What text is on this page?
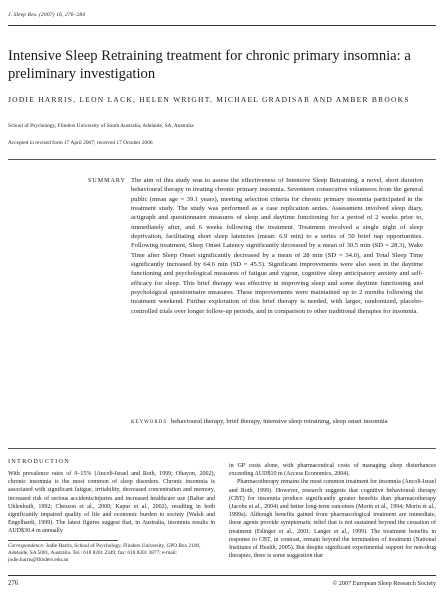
J. Sleep Res. (2007) 16, 276–284
Intensive Sleep Retraining treatment for chronic primary insomnia: a preliminary investigation
JODIE HARRIS, LEON LACK, HELEN WRIGHT, MICHAEL GRADISAR AND AMBER BROOKS
School of Psychology, Flinders University of South Australia, Adelaide, SA, Australia
Accepted in revised form 17 April 2007; received 17 October 2006
SUMMARY The aim of this study was to assess the effectiveness of Intensive Sleep Retraining, a novel, short duration behavioural therapy in treating chronic primary insomnia. Seventeen consecutive volunteers from the general public (mean age = 39.1 years), meeting selection criteria for chronic primary insomnia participated in the treatment study. The study was performed as a case replication series. Assessment involved sleep diary, actigraph and questionnaire measures of sleep and daytime functioning for a period of 2 weeks prior to, immediately after, and 6 weeks following the treatment. Treatment involved a single night of sleep deprivation, facilitating short sleep latencies (mean: 6.9 min) to a series of 50 brief nap opportunities. Following treatment, Sleep Onset Latency significantly decreased by a mean of 30.5 min (SD = 28.3), Wake Time after Sleep Onset significantly decreased by a mean of 28 min (SD = 34.0), and Total Sleep Time significantly increased by 64.6 min (SD = 45.5). Significant improvements were also seen in the daytime functioning and psychological measures of fatigue and vigour, cognitive sleep anticipatory anxiety and self-efficacy for sleep. This brief therapy was effective in improving sleep and some daytime functioning and psychological questionnaire measures. These improvements were maintained up to 2 months following the treatment weekend. Further exploration of this brief therapy is needed, with larger, randomized, placebo-controlled trials over longer follow-up periods, and in comparison to other traditional therapies for insomnia.

KEYWORDS behavioural therapy, brief therapy, intensive sleep retraining, sleep onset insomnia
INTRODUCTION

With prevalence rates of 9–15% (Ancoli-Israel and Roth, 1999; Ohayon, 2002), chronic insomnia is the most common of sleep disorders. Chronic insomnia is associated with significant fatigue, irritability, decreased concentration and memory, increased risk of serious accidents/injuries and increased healthcare use (Balter and Uhlenhuth, 1992; Chesson et al., 2000; Kapur et al., 2002), resulting in both significantly impaired quality of life and economic burden to society (Walsh and Engelhardt, 1999). The latest figures suggest that, in Australia, insomnia results in AUD$30.4 m annually

Correspondence: Jodie Harris, School of Psychology, Flinders University, GPO Box 2100, Adelaide, SA 5001, Australia. Tel.: 618 8201 2349; fax: 618 8201 3877; e-mail: jodie.harris@flinders.edu.au

in GP costs alone, with pharmaceutical costs of managing sleep disturbances exceeding AUD$10 m (Access Economics, 2004).

Pharmacotherapy remains the most common treatment for insomnia (Ancoli-Israel and Roth, 1999). However, research suggests that cognitive behavioural therapy (CBT) for insomnia produce significantly greater benefits than pharmacotherapy (Jacobs et al., 2004) and better long-term outcomes (Morin et al., 1994; Morin et al., 1999a). Although benefits gained from pharmacological treatment are immediate, these agents provide symptomatic relief that is not sustained beyond the cessation of treatment (Edinger et al., 2001; Langer et al., 1999). The treatment benefits in response to CBT, in contrast, remain beyond the termination of treatment (National Institutes of Health, 2005). But despite significant experimental support for non-drug therapies, there is some suggestion that

276	© 2007 European Sleep Research Society
